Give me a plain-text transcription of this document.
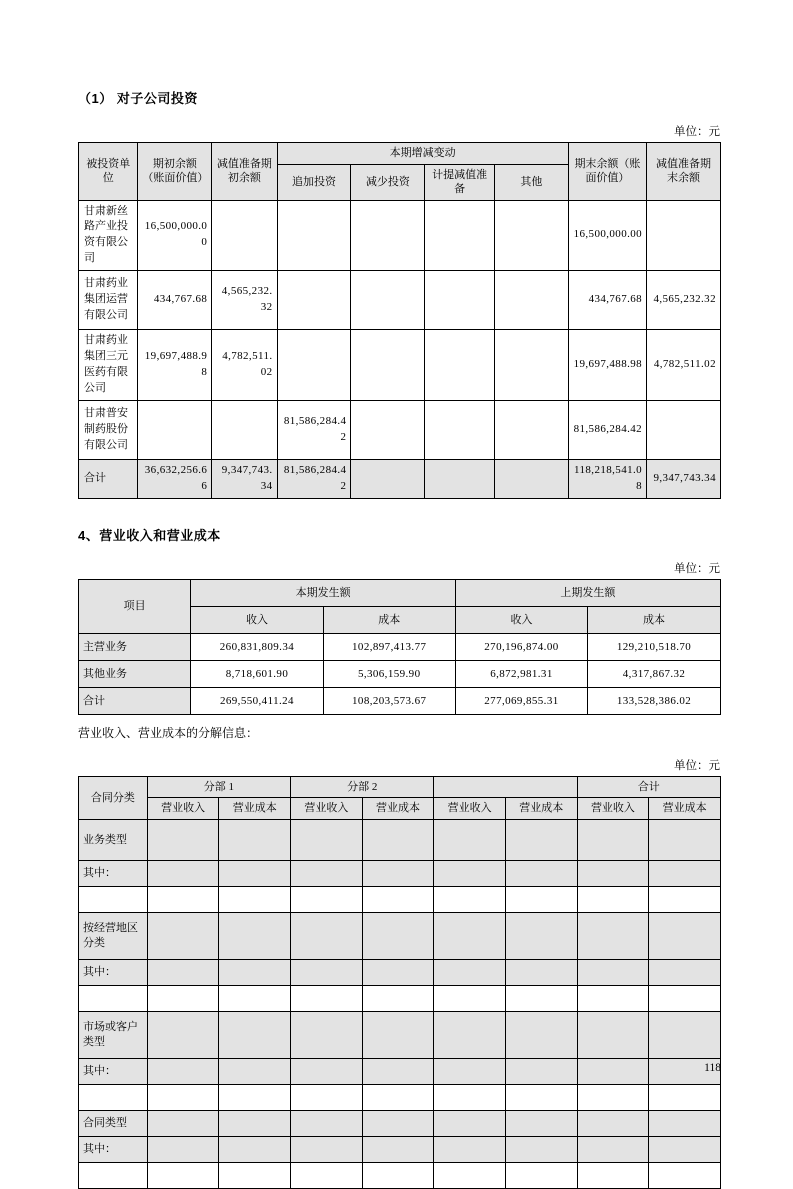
（1） 对子公司投资
单位：元
被投资单位	期初余额（账面价值）	减值准备期初余额	本期增减变动				期末余额（账面价值）	减值准备期末余额
			追加投资	减少投资	计提减值准备	其他		
甘肃新丝路产业投资有限公司	16,500,000.00						16,500,000.00	
甘肃药业集团运营有限公司	434,767.68	4,565,232.32					434,767.68	4,565,232.32
甘肃药业集团三元医药有限公司	19,697,488.98	4,782,511.02					19,697,488.98	4,782,511.02
甘肃普安制药股份有限公司			81,586,284.42				81,586,284.42	
合计	36,632,256.66	9,347,743.34	81,586,284.42				118,218,541.08	9,347,743.34
4、营业收入和营业成本
单位：元
项目	本期发生额		上期发生额	
	收入	成本	收入	成本
主营业务	260,831,809.34	102,897,413.77	270,196,874.00	129,210,518.70
其他业务	8,718,601.90	5,306,159.90	6,872,981.31	4,317,867.32
合计	269,550,411.24	108,203,573.67	277,069,855.31	133,528,386.02
营业收入、营业成本的分解信息：
单位：元
合同分类	分部 1		分部 2				合计	
	营业收入	营业成本	营业收入	营业成本	营业收入	营业成本	营业收入	营业成本
业务类型								
其中：								

按经营地区分类								
其中：								

市场或客户类型								
其中：								

合同类型								
其中：								

118
